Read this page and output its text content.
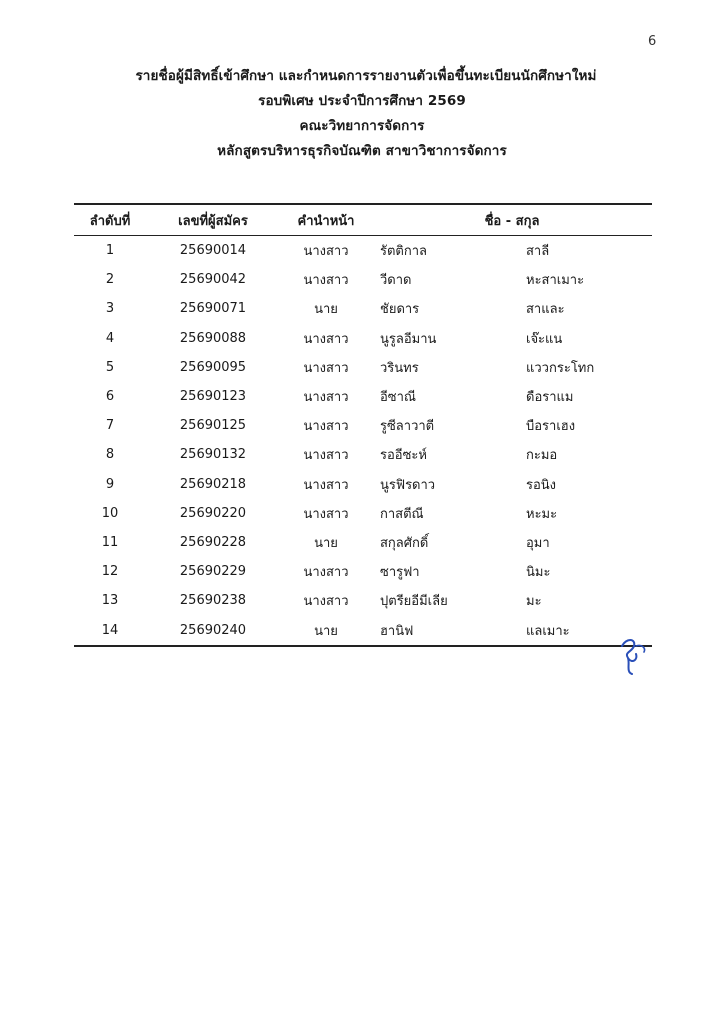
6
รายชื่อผู้มีสิทธิ์เข้าศึกษา และกำหนดการรายงานตัวเพื่อขึ้นทะเบียนนักศึกษาใหม่
รอบพิเศษ ประจำปีการศึกษา 2569
คณะวิทยาการจัดการ
หลักสูตรบริหารธุรกิจบัณฑิต สาขาวิชาการจัดการ
ลำดับที่	เลขที่ผู้สมัคร	คำนำหน้า	ชื่อ - สกุล	
1	25690014	นางสาว	รัตติกาล	สาลี
2	25690042	นางสาว	วีดาด	หะสาเมาะ
3	25690071	นาย	ชัยดาร	สาและ
4	25690088	นางสาว	นูรูลอีมาน	เจ๊ะแน
5	25690095	นางสาว	วรินทร	แววกระโทก
6	25690123	นางสาว	อีซาณี	ดือราแม
7	25690125	นางสาว	รูซีลาวาตี	บือราเฮง
8	25690132	นางสาว	รออีซะห์	กะมอ
9	25690218	นางสาว	นูรฟิรดาว	รอนิง
10	25690220	นางสาว	กาสตีณี	หะมะ
11	25690228	นาย	สกุลศักดิ์	อุมา
12	25690229	นางสาว	ซารูฟา	นิมะ
13	25690238	นางสาว	ปุตรียอีมีเลีย	มะ
14	25690240	นาย	ฮานิฟ	แลเมาะ
